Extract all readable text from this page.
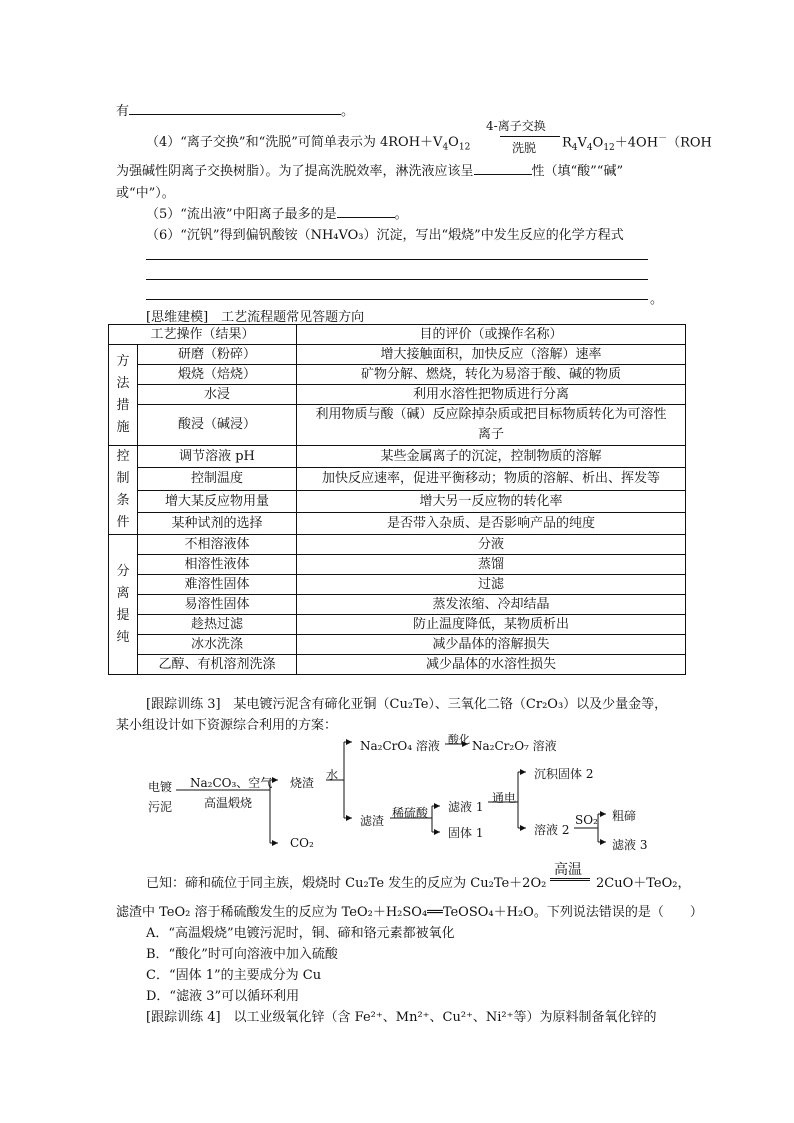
有	。
（4）“离子交换”和“洗脱”可简单表示为 $4ROH+V_4O_{12}$
4-离子交换
洗脱 $R_4V_4O_{12}+4OH^-(ROH$
为强碱性阴离子交换树脂）。为了提高洗脱效率，淋洗液应该呈	性（填“酸”“碱”
或“中”）。
（5）“流出液”中阳离子最多的是	。
（6）“沉钒”得到偏钒酸铵（NH₄VO₃）沉淀，写出“煅烧”中发生反应的化学方程式
。
[思维建模]　工艺流程题常见答题方向
工艺操作（结果）		目的评价（或操作名称）
方
法
措
施	研磨（粉碎）	增大接触面积，加快反应（溶解）速率
	煅烧（焙烧）	矿物分解、燃烧，转化为易溶于酸、碱的物质
	水浸	利用水溶性把物质进行分离
	酸浸（碱浸）	利用物质与酸（碱）反应除掉杂质或把目标物质转化为可溶性
离子
控
制
条
件	调节溶液 pH	某些金属离子的沉淀，控制物质的溶解
	控制温度	加快反应速率，促进平衡移动；物质的溶解、析出、挥发等
	增大某反应物用量	增大另一反应物的转化率
	某种试剂的选择	是否带入杂质、是否影响产品的纯度
分
离
提
纯	不相溶液体	分液
	相溶性液体	蒸馏
	难溶性固体	过滤
	易溶性固体	蒸发浓缩、冷却结晶
	趁热过滤	防止温度降低，某物质析出
	冰水洗涤	减少晶体的溶解损失
	乙醇、有机溶剂洗涤	减少晶体的水溶性损失
[跟踪训练 3]　某电镀污泥含有碲化亚铜（Cu₂Te）、三氧化二铬（Cr₂O₃）以及少量金等，
某小组设计如下资源综合利用的方案：
电镀
污泥
Na₂CO₃、空气
高温煅烧
烧渣
CO₂
水
Na₂CrO₄ 溶液 酸化 Na₂Cr₂O₇ 溶液
滤渣
稀硫酸 滤液 1
固体 1
通电
沉积固体 2
溶液 2
SO₂ 粗碲
滤液 3
已知：碲和硫位于同主族，煅烧时 Cu₂Te 发生的反应为 Cu₂Te＋2O₂
高温
2CuO＋TeO₂，
滤渣中 TeO₂ 溶于稀硫酸发生的反应为 TeO₂＋H₂SO₄══TeOSO₄＋H₂O。下列说法错误的是（　　）
A．“高温煅烧”电镀污泥时，铜、碲和铬元素都被氧化
B．“酸化”时可向溶液中加入硫酸
C．“固体 1”的主要成分为 Cu
D．“滤液 3”可以循环利用
[跟踪训练 4]　以工业级氧化锌（含 Fe²⁺、Mn²⁺、Cu²⁺、Ni²⁺等）为原料制备氧化锌的
